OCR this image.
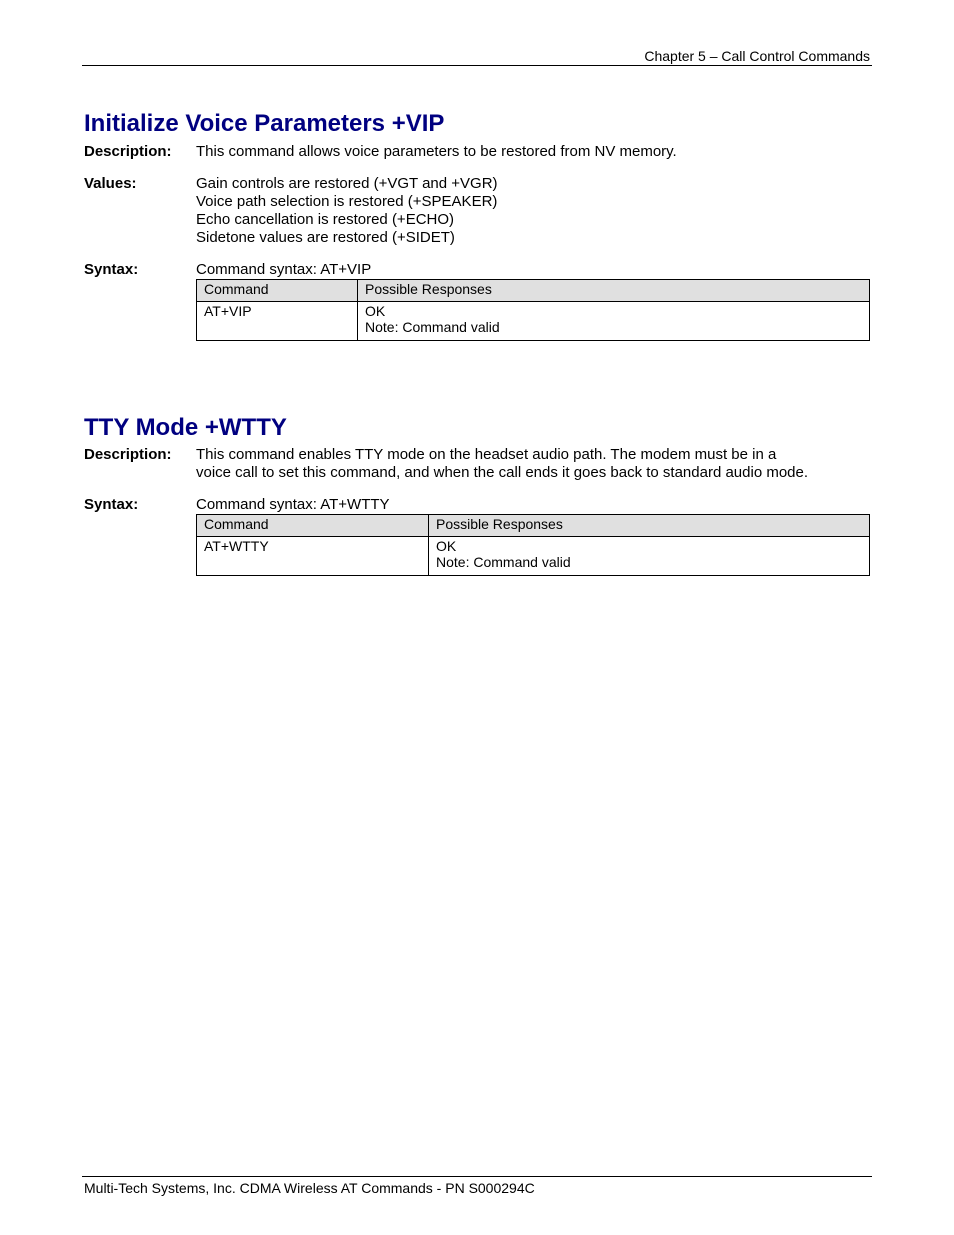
Chapter 5 – Call Control Commands
Initialize Voice Parameters +VIP
Description: This command allows voice parameters to be restored from NV memory.
Values:	Gain controls are restored (+VGT and +VGR)
Voice path selection is restored (+SPEAKER)
Echo cancellation is restored (+ECHO)
Sidetone values are restored (+SIDET)
Syntax:	Command syntax: AT+VIP
Command	Possible Responses
AT+VIP	OK
Note: Command valid
TTY Mode +WTTY
Description: This command enables TTY mode on the headset audio path. The modem must be in a
voice call to set this command, and when the call ends it goes back to standard audio mode.
Syntax:	Command syntax: AT+WTTY
Command	Possible Responses
AT+WTTY	OK
Note: Command valid
Multi-Tech Systems, Inc. CDMA Wireless AT Commands - PN S000294C
